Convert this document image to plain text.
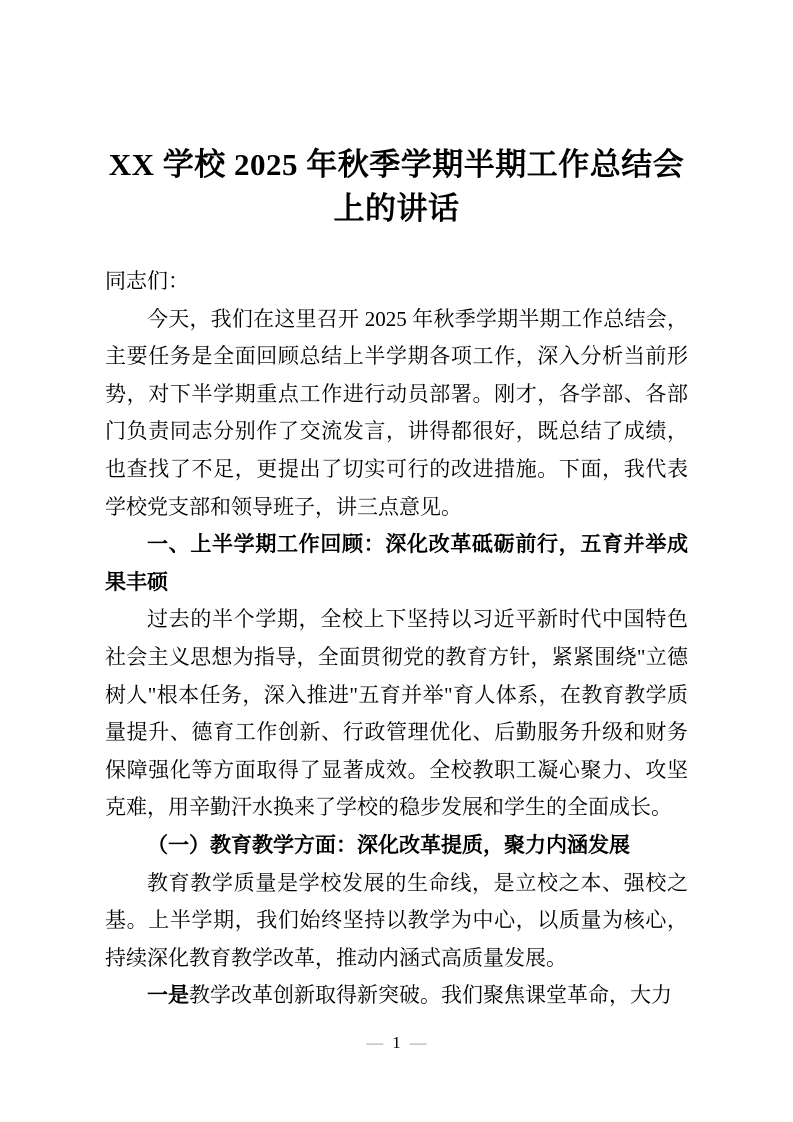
XX 学校 2025 年秋季学期半期工作总结会
上的讲话

同志们：

今天，我们在这里召开 2025 年秋季学期半期工作总结会，主要任务是全面回顾总结上半学期各项工作，深入分析当前形势，对下半学期重点工作进行动员部署。刚才，各学部、各部门负责同志分别作了交流发言，讲得都很好，既总结了成绩，也查找了不足，更提出了切实可行的改进措施。下面，我代表学校党支部和领导班子，讲三点意见。

一、上半学期工作回顾：深化改革砥砺前行，五育并举成果丰硕

过去的半个学期，全校上下坚持以习近平新时代中国特色社会主义思想为指导，全面贯彻党的教育方针，紧紧围绕"立德树人"根本任务，深入推进"五育并举"育人体系，在教育教学质量提升、德育工作创新、行政管理优化、后勤服务升级和财务保障强化等方面取得了显著成效。全校教职工凝心聚力、攻坚克难，用辛勤汗水换来了学校的稳步发展和学生的全面成长。

（一）教育教学方面：深化改革提质，聚力内涵发展

教育教学质量是学校发展的生命线，是立校之本、强校之基。上半学期，我们始终坚持以教学为中心，以质量为核心，持续深化教育教学改革，推动内涵式高质量发展。

一是教学改革创新取得新突破。我们聚焦课堂革命，大力

— 1 —
